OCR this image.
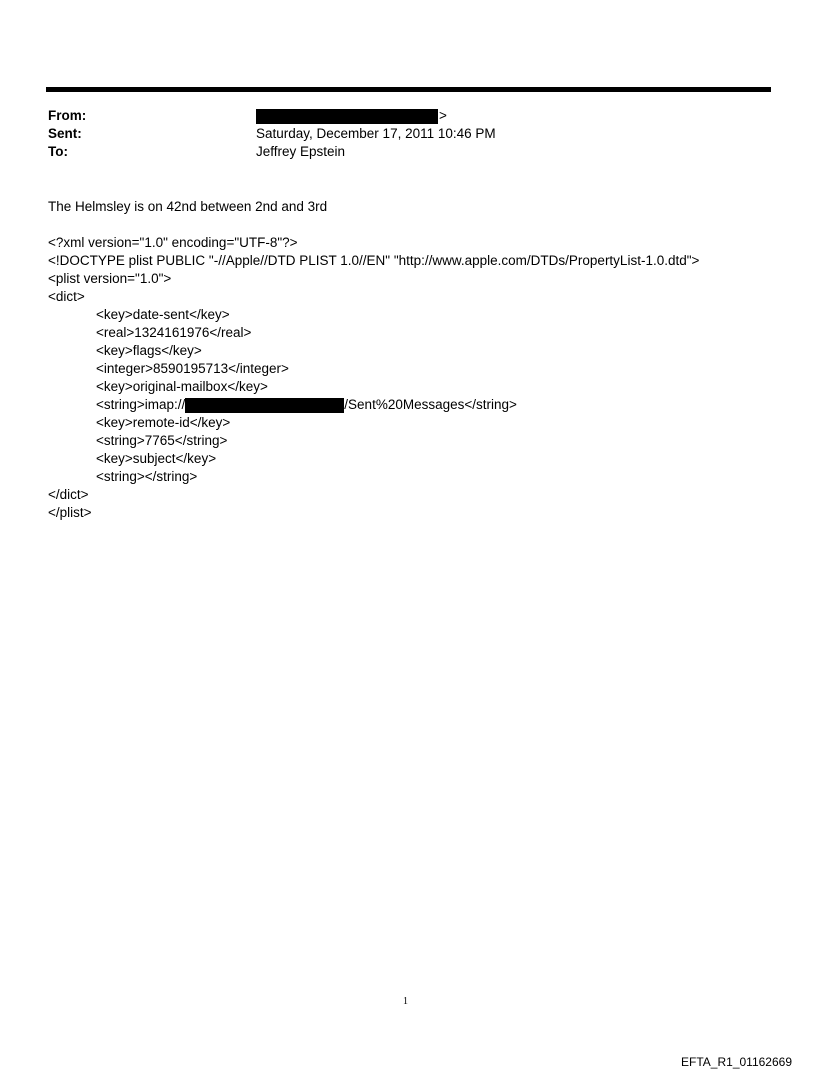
From:	>
Sent:	Saturday, December 17, 2011 10:46 PM
To:	Jeffrey Epstein
The Helmsley is on 42nd between 2nd and 3rd
<?xml version="1.0" encoding="UTF-8"?>
<!DOCTYPE plist PUBLIC "-//Apple//DTD PLIST 1.0//EN" "http://www.apple.com/DTDs/PropertyList-1.0.dtd">
<plist version="1.0">
<dict>
<key>date-sent</key>
<real>1324161976</real>
<key>flags</key>
<integer>8590195713</integer>
<key>original-mailbox</key>
<string>imap://	/Sent%20Messages</string>
<key>remote-id</key>
<string>7765</string>
<key>subject</key>
<string></string>
</dict>
</plist>
1
EFTA_R1_01162669
